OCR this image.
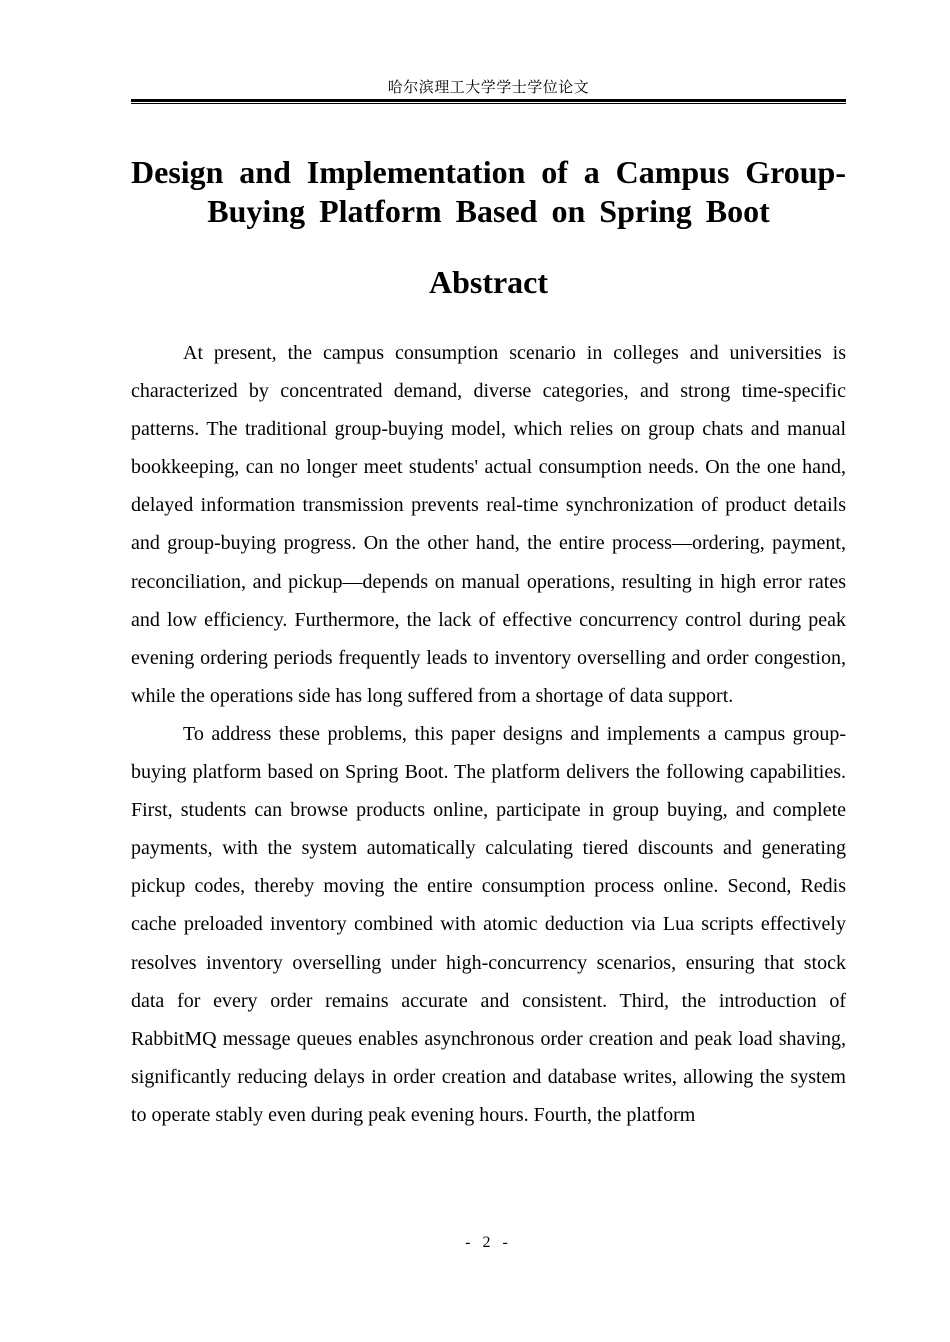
哈尔滨理工大学学士学位论文
Design and Implementation of a Campus Group-Buying Platform Based on Spring Boot
Abstract

At present, the campus consumption scenario in colleges and universities is characterized by concentrated demand, diverse categories, and strong time-specific patterns. The traditional group-buying model, which relies on group chats and manual bookkeeping, can no longer meet students' actual consumption needs. On the one hand, delayed information transmission prevents real-time synchronization of product details and group-buying progress. On the other hand, the entire process—ordering, payment, reconciliation, and pickup—depends on manual operations, resulting in high error rates and low efficiency. Furthermore, the lack of effective concurrency control during peak evening ordering periods frequently leads to inventory overselling and order congestion, while the operations side has long suffered from a shortage of data support.

To address these problems, this paper designs and implements a campus group-buying platform based on Spring Boot. The platform delivers the following capabilities. First, students can browse products online, participate in group buying, and complete payments, with the system automatically calculating tiered discounts and generating pickup codes, thereby moving the entire consumption process online. Second, Redis cache preloaded inventory combined with atomic deduction via Lua scripts effectively resolves inventory overselling under high-concurrency scenarios, ensuring that stock data for every order remains accurate and consistent. Third, the introduction of RabbitMQ message queues enables asynchronous order creation and peak load shaving, significantly reducing delays in order creation and database writes, allowing the system to operate stably even during peak evening hours. Fourth, the platform

- 2 -
